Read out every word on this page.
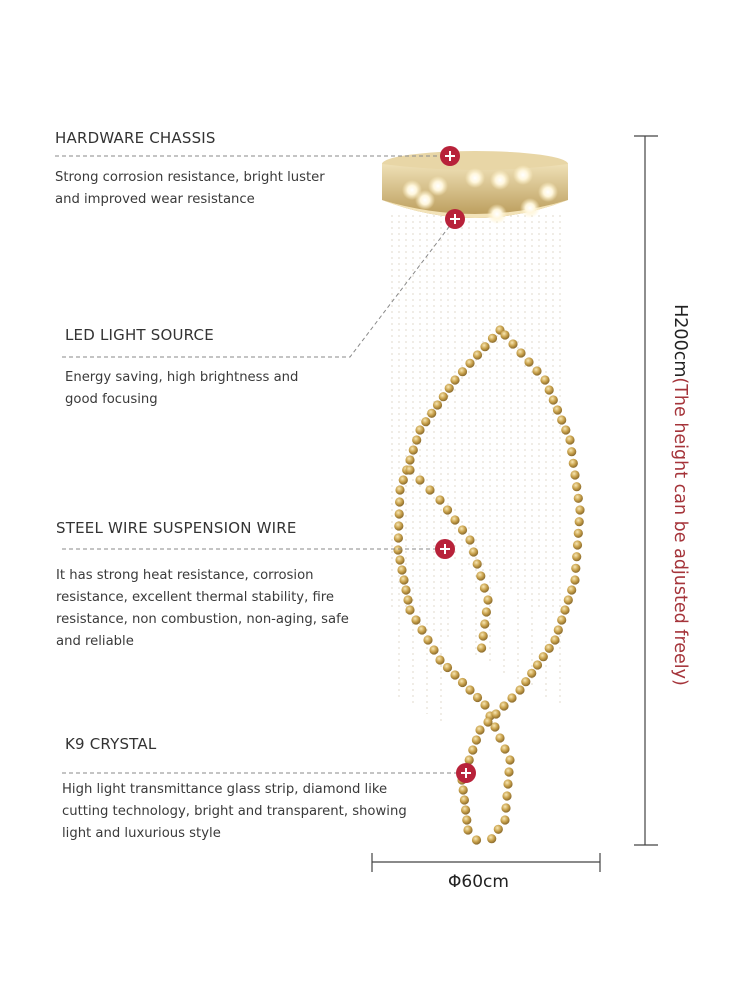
HARDWARE CHASSIS
Strong corrosion resistance, bright luster
and improved wear resistance
LED LIGHT SOURCE
Energy saving, high brightness and
good focusing
STEEL WIRE SUSPENSION WIRE
It has strong heat resistance, corrosion
resistance, excellent thermal stability, fire
resistance, non combustion, non-aging, safe
and reliable
K9 CRYSTAL
High light transmittance glass strip, diamond like
cutting technology, bright and transparent, showing
light and luxurious style
H200cm(The height can be adjusted freely)
Φ60cm
